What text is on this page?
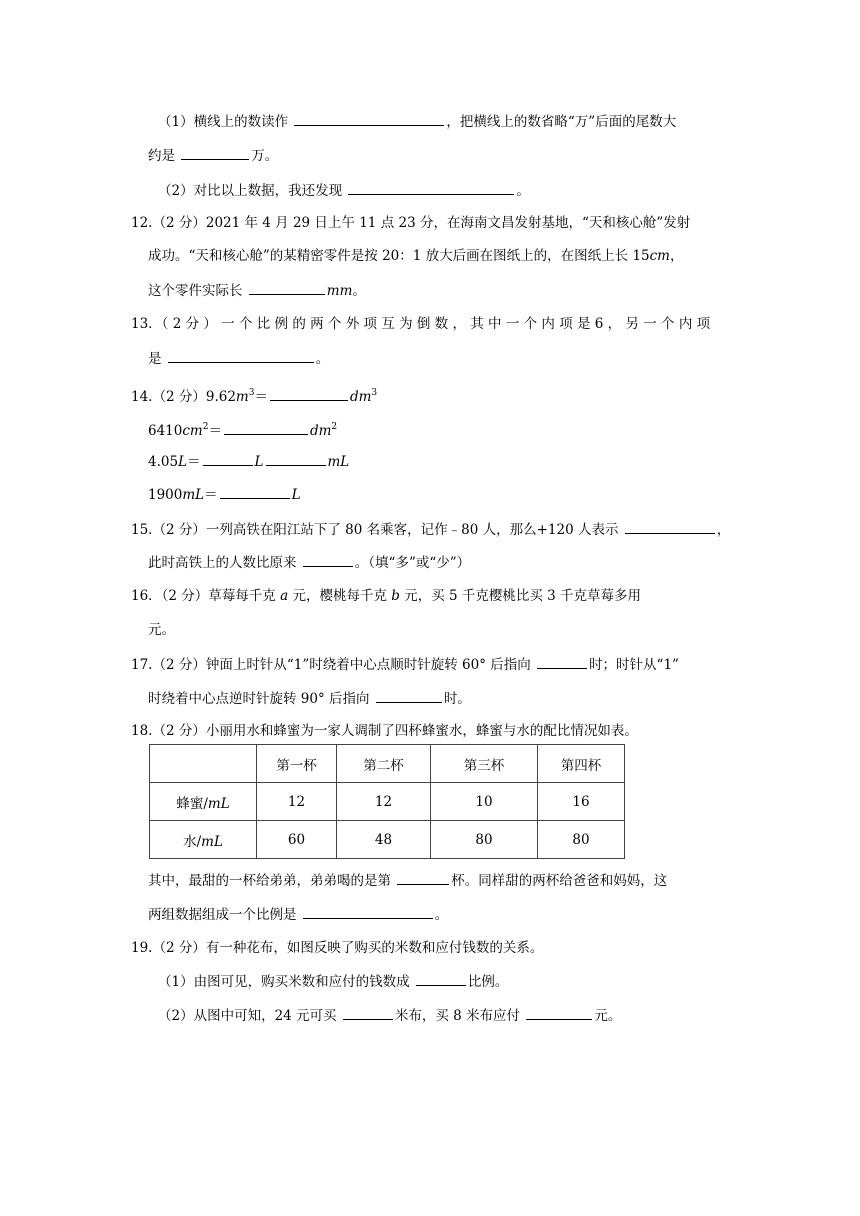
（1）横线上的数读作	，把横线上的数省略“万”后面的尾数大
约是	万。
（2）对比以上数据，我还发现	。
12.（2 分）2021 年 4 月 29 日上午 11 点 23 分，在海南文昌发射基地，“天和核心舱”发射
成功。“天和核心舱”的某精密零件是按 20：1 放大后画在图纸上的，在图纸上长 15cm，
这个零件实际长	mm。
13．（ 2 分 ） 一 个 比 例 的 两 个 外 项 互 为 倒 数 ， 其 中 一 个 内 项 是 6 ， 另 一 个 内 项
是	。
14.（2 分）$9.62m^3=$	$dm^3$
$6410cm^2=$	$dm^2$
4.05L＝	L	mL
1900mL＝	L
15.（2 分）一列高铁在阳江站下了 80 名乘客，记作﹣80 人，那么+120 人表示	，
此时高铁上的人数比原来	。（填“多”或“少”）
16．（2 分）草莓每千克 a 元，樱桃每千克 b 元，买 5 千克樱桃比买 3 千克草莓多用
元。
17.（2 分）钟面上时针从“1”时绕着中心点顺时针旋转 60° 后指向	时；时针从“1”
时绕着中心点逆时针旋转 90° 后指向	时。
18.（2 分）小丽用水和蜂蜜为一家人调制了四杯蜂蜜水，蜂蜜与水的配比情况如表。
	第一杯	第二杯	第三杯	第四杯
蜂蜜/mL	12	12	10	16
水/mL	60	48	80	80
其中，最甜的一杯给弟弟，弟弟喝的是第	杯。同样甜的两杯给爸爸和妈妈，这
两组数据组成一个比例是	。
19.（2 分）有一种花布，如图反映了购买的米数和应付钱数的关系。
（1）由图可见，购买米数和应付的钱数成	比例。
（2）从图中可知，24 元可买	米布，买 8 米布应付	元。
